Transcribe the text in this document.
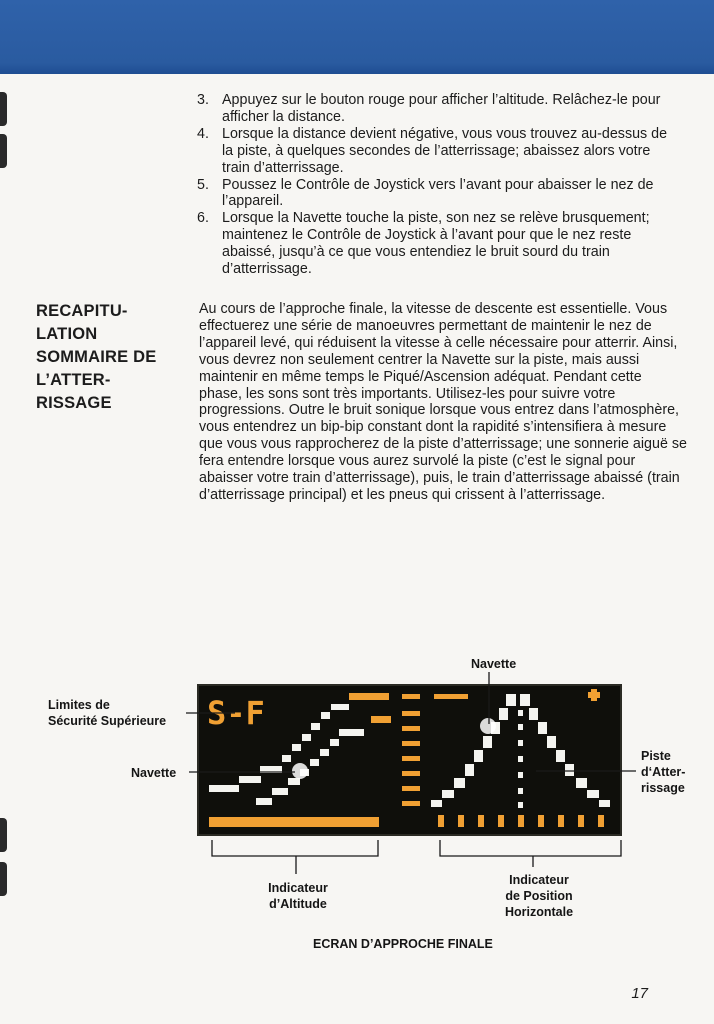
3. Appuyez sur le bouton rouge pour afficher l’altitude. Relâchez-le pour afficher la distance.
4. Lorsque la distance devient négative, vous vous trouvez au-dessus de la piste, à quelques secondes de l’atterrissage; abaissez alors votre train d’atterrissage.
5. Poussez le Contrôle de Joystick vers l’avant pour abaisser le nez de l’appareil.
6. Lorsque la Navette touche la piste, son nez se relève brusquement; maintenez le Contrôle de Joystick à l’avant pour que le nez reste abaissé, jusqu’à ce que vous entendiez le bruit sourd du train d’atterrissage.
RECAPITU-
LATION
SOMMAIRE DE
L’ATTER-
RISSAGE

Au cours de l’approche finale, la vitesse de descente est essentielle. Vous effectuerez une série de manoeuvres permettant de maintenir le nez de l’appareil levé, qui réduisent la vitesse à celle nécessaire pour atterrir. Ainsi, vous devrez non seulement centrer la Navette sur la piste, mais aussi maintenir en même temps le Piqué/Ascension adéquat. Pendant cette phase, les sons sont très importants. Utilisez-les pour suivre votre progressions. Outre le bruit sonique lorsque vous entrez dans l’atmosphère, vous entendrez un bip-bip constant dont la rapidité s’intensifiera à mesure que vous vous rapprocherez de la piste d’atterrissage; une sonnerie aiguë se fera entendre lorsque vous aurez survolé la piste (c’est le signal pour abaisser votre train d’atterrissage), puis, le train d’atterrissage abaissé (train d’atterrissage principal) et les pneus qui crissent à l’atterrissage.

S-F
Limites de
Sécurité Supérieure
Navette
Navette
Piste
d‘Atter-
rissage
Indicateur
d’Altitude
Indicateur
de Position
Horizontale
ECRAN D’APPROCHE FINALE
17
